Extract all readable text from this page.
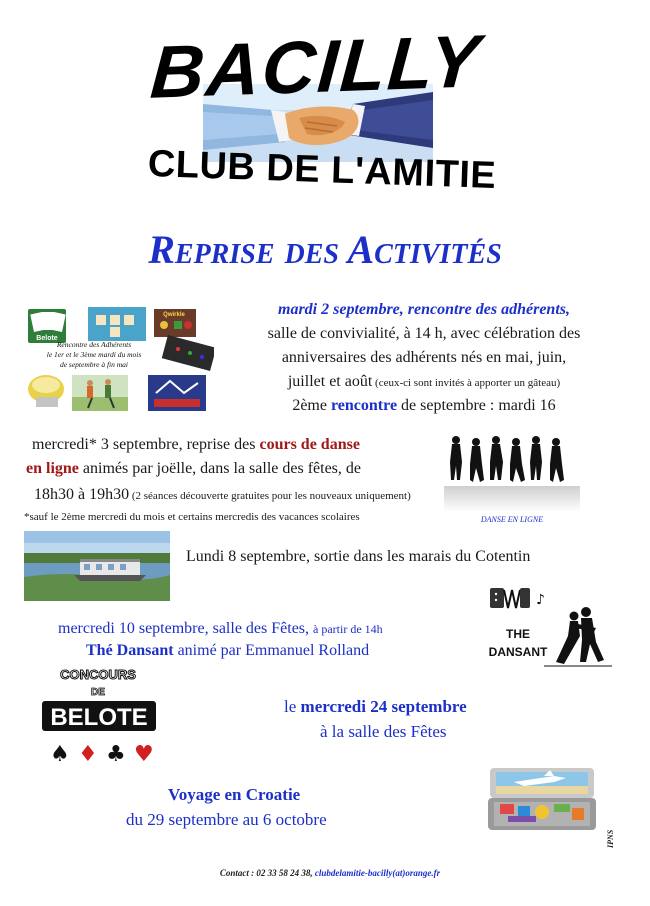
BACILLY
CLUB DE L'AMITIE
Reprise des Activités
Belote
Qwirkle
Rencontre des Adhérents
le 1er et le 3ème mardi du mois
de septembre à fin mai
mardi 2 septembre, rencontre des adhérents,
salle de convivialité, à 14 h, avec célébration des
anniversaires des adhérents nés en mai, juin,
juillet et août (ceux-ci sont invités à apporter un gâteau)
2ème rencontre de septembre : mardi 16
mercredi* 3 septembre, reprise des cours de danse
en ligne animés par joëlle, dans la salle des fêtes, de
18h30 à 19h30 (2 séances découverte gratuites pour les nouveaux uniquement)
*sauf le 2ème mercredi du mois et certains mercredis des vacances scolaires	DANSE EN LIGNE
Lundi 8 septembre, sortie dans les marais du Cotentin
mercredi 10 septembre, salle des Fêtes, à partir de 14h
Thé Dansant animé par Emmanuel Rolland
♪
THE
DANSANT
CONCOURS
DE
BELOTE
♠ ♦ ♣ ♥
le mercredi 24 septembre
à la salle des Fêtes
Voyage en Croatie
du 29 septembre au 6 octobre
Contact : 02 33 58 24 38, clubdelamitie-bacilly(at)orange.fr
IPNS
